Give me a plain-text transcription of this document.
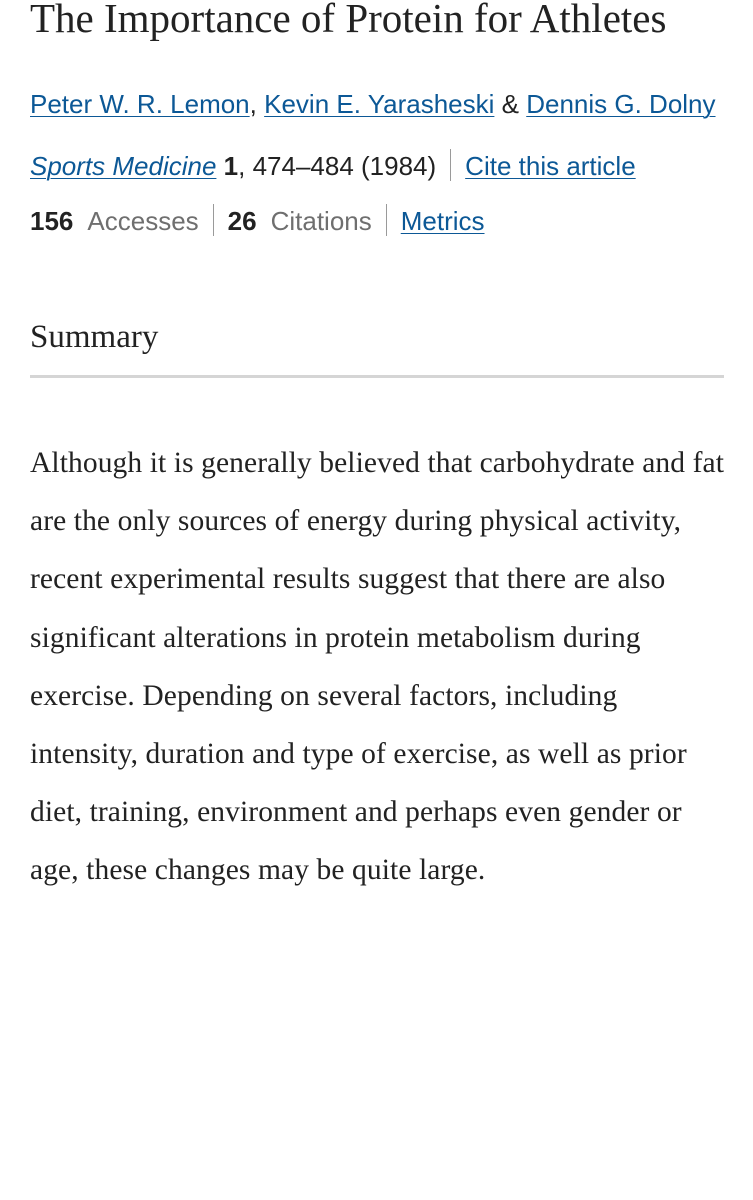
The Importance of Protein for Athletes
Peter W. R. Lemon, Kevin E. Yarasheski & Dennis G. Dolny
Sports Medicine 1, 474–484 (1984) Cite this article
156 Accesses 26 Citations Metrics
Summary

Although it is generally believed that carbohydrate and fat are the only sources of energy during physical activity, recent experimental results suggest that there are also significant alterations in protein metabolism during exercise. Depending on several factors, including intensity, duration and type of exercise, as well as prior diet, training, environment and perhaps even gender or age, these changes may be quite large.
